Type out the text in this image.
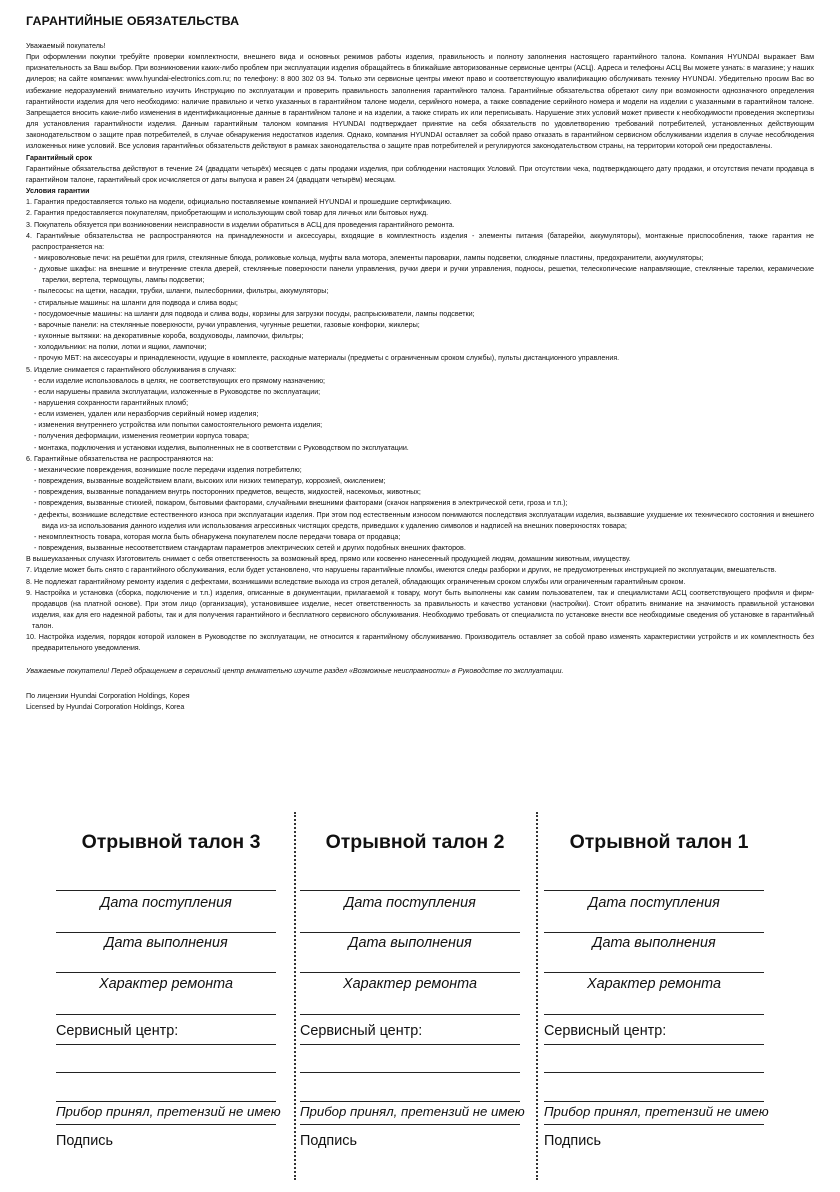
ГАРАНТИЙНЫЕ ОБЯЗАТЕЛЬСТВА
Уважаемый покупатель!
При оформлении покупки требуйте проверки комплектности, внешнего вида и основных режимов работы изделия, правильность и полноту заполнения настоящего гарантийного талона. Компания HYUNDAI выражает Вам признательность за Ваш выбор. При возникновении каких-либо проблем при эксплуатации изделия обращайтесь в ближайшие авторизованные сервисные центры (АСЦ). Адреса и телефоны АСЦ Вы можете узнать: в магазине; у наших дилеров; на сайте компании: www.hyundai-electronics.com.ru; по телефону: 8 800 302 03 94. Только эти сервисные центры имеют право и соответствующую квалификацию обслуживать технику HYUNDAI. Убедительно просим Вас во избежание недоразумений внимательно изучить Инструкцию по эксплуатации и проверить правильность заполнения гарантийного талона. Гарантийные обязательства обретают силу при возможности однозначного определения гарантийности изделия для чего необходимо: наличие правильно и четко указанных в гарантийном талоне модели, серийного номера, а также совпадение серийного номера и модели на изделии с указанными в гарантийном талоне. Запрещается вносить какие-либо изменения в идентификационные данные в гарантийном талоне и на изделии, а также стирать их или переписывать. Нарушение этих условий может привести к необходимости проведения экспертизы для установления гарантийности изделия. Данным гарантийным талоном компания HYUNDAI подтверждает принятие на себя обязательств по удовлетворению требований потребителей, установленных действующим законодательством о защите прав потребителей, в случае обнаружения недостатков изделия. Однако, компания HYUNDAI оставляет за собой право отказать в гарантийном сервисном обслуживании изделия в случае несоблюдения изложенных ниже условий. Все условия гарантийных обязательств действуют в рамках законодательства о защите прав потребителей и регулируются законодательством страны, на территории которой они предоставлены.
Гарантийный срок
Гарантийные обязательства действуют в течение 24 (двадцати четырёх) месяцев с даты продажи изделия, при соблюдении настоящих Условий. При отсутствии чека, подтверждающего дату продажи, и отсутствия печати продавца в гарантийном талоне, гарантийный срок исчисляется от даты выпуска и равен 24 (двадцати четырём) месяцам.
Условия гарантии
1. Гарантия предоставляется только на модели, официально поставляемые компанией HYUNDAI и прошедшие сертификацию.
2. Гарантия предоставляется покупателям, приобретающим и использующим свой товар для личных или бытовых нужд.
3. Покупатель обязуется при возникновении неисправности в изделии обратиться в АСЦ для проведения гарантийного ремонта.
4. Гарантийные обязательства не распространяются на принадлежности и аксессуары, входящие в комплектность изделия - элементы питания (батарейки, аккумуляторы), монтажные приспособления, также гарантия не распространяется на:
- микроволновые печи: на решётки для гриля, стеклянные блюда, роликовые кольца, муфты вала мотора, элементы пароварки, лампы подсветки, слюдяные пластины, предохранители, аккумуляторы;
- духовые шкафы: на внешние и внутренние стекла дверей, стеклянные поверхности панели управления, ручки двери и ручки управления, подносы, решетки, телескопические направляющие, стеклянные тарелки, керамические тарелки, вертела, термощупы, лампы подсветки;
- пылесосы: на щетки, насадки, трубки, шланги, пылесборники, фильтры, аккумуляторы;
- стиральные машины: на шланги для подвода и слива воды;
- посудомоечные машины: на шланги для подвода и слива воды, корзины для загрузки посуды, распрыскиватели, лампы подсветки;
- варочные панели: на стеклянные поверхности, ручки управления, чугунные решетки, газовые конфорки, жиклеры;
- кухонные вытяжки: на декоративные короба, воздуховоды, лампочки, фильтры;
- холодильники: на полки, лотки и ящики, лампочки;
- прочую МБТ: на аксессуары и принадлежности, идущие в комплекте, расходные материалы (предметы с ограниченным сроком службы), пульты дистанционного управления.
5. Изделие снимается с гарантийного обслуживания в случаях:
- если изделие использовалось в целях, не соответствующих его прямому назначению;
- если нарушены правила эксплуатации, изложенные в Руководстве по эксплуатации;
- нарушения сохранности гарантийных пломб;
- если изменен, удален или неразборчив серийный номер изделия;
- изменения внутреннего устройства или попытки самостоятельного ремонта изделия;
- получения деформации, изменения геометрии корпуса товара;
- монтажа, подключения и установки изделия, выполненных не в соответствии с Руководством по эксплуатации.
6. Гарантийные обязательства не распространяются на:
- механические повреждения, возникшие после передачи изделия потребителю;
- повреждения, вызванные воздействием влаги, высоких или низких температур, коррозией, окислением;
- повреждения, вызванные попаданием внутрь посторонних предметов, веществ, жидкостей, насекомых, животных;
- повреждения, вызванные стихией, пожаром, бытовыми факторами, случайными внешними факторами (скачок напряжения в электрической сети, гроза и т.п.);
- дефекты, возникшие вследствие естественного износа при эксплуатации изделия. При этом под естественным износом понимаются последствия эксплуатации изделия, вызвавшие ухудшение их технического состояния и внешнего вида из-за использования данного изделия или использования агрессивных чистящих средств, приведших к удалению символов и надписей на внешних поверхностях товара;
- некомплектность товара, которая могла быть обнаружена покупателем после передачи товара от продавца;
- повреждения, вызванные несоответствием стандартам параметров электрических сетей и других подобных внешних факторов.
В вышеуказанных случаях Изготовитель снимает с себя ответственность за возможный вред, прямо или косвенно нанесенный продукцией людям, домашним животным, имуществу.
7. Изделие может быть снято с гарантийного обслуживания, если будет установлено, что нарушены гарантийные пломбы, имеются следы разборки и других, не предусмотренных инструкцией по эксплуатации, вмешательств.
8. Не подлежат гарантийному ремонту изделия с дефектами, возникшими вследствие выхода из строя деталей, обладающих ограниченным сроком службы или ограниченным гарантийным сроком.
9. Настройка и установка (сборка, подключение и т.п.) изделия, описанные в документации, прилагаемой к товару, могут быть выполнены как самим пользователем, так и специалистами АСЦ соответствующего профиля и фирм-продавцов (на платной основе). При этом лицо (организация), установившее изделие, несет ответственность за правильность и качество установки (настройки). Стоит обратить внимание на значимость правильной установки изделия, как для его надежной работы, так и для получения гарантийного и бесплатного сервисного обслуживания. Необходимо требовать от специалиста по установке внести все необходимые сведения об установке в гарантийный талон.
10. Настройка изделия, порядок которой изложен в Руководстве по эксплуатации, не относится к гарантийному обслуживанию. Производитель оставляет за собой право изменять характеристики устройств и их комплектность без предварительного уведомления.
Уважаемые покупатели! Перед обращением в сервисный центр внимательно изучите раздел «Возможные неисправности» в Руководстве по эксплуатации.
По лицензии Hyundai Corporation Holdings, Корея
Licensed by Hyundai Corporation Holdings, Korea
Отрывной талон 3
Дата поступления
Дата выполнения
Характер ремонта
Сервисный центр:
Прибор принял, претензий не имею
Подпись
Отрывной талон 2
Дата поступления
Дата выполнения
Характер ремонта
Сервисный центр:
Прибор принял, претензий не имею
Подпись
Отрывной талон 1
Дата поступления
Дата выполнения
Характер ремонта
Сервисный центр:
Прибор принял, претензий не имею
Подпись
